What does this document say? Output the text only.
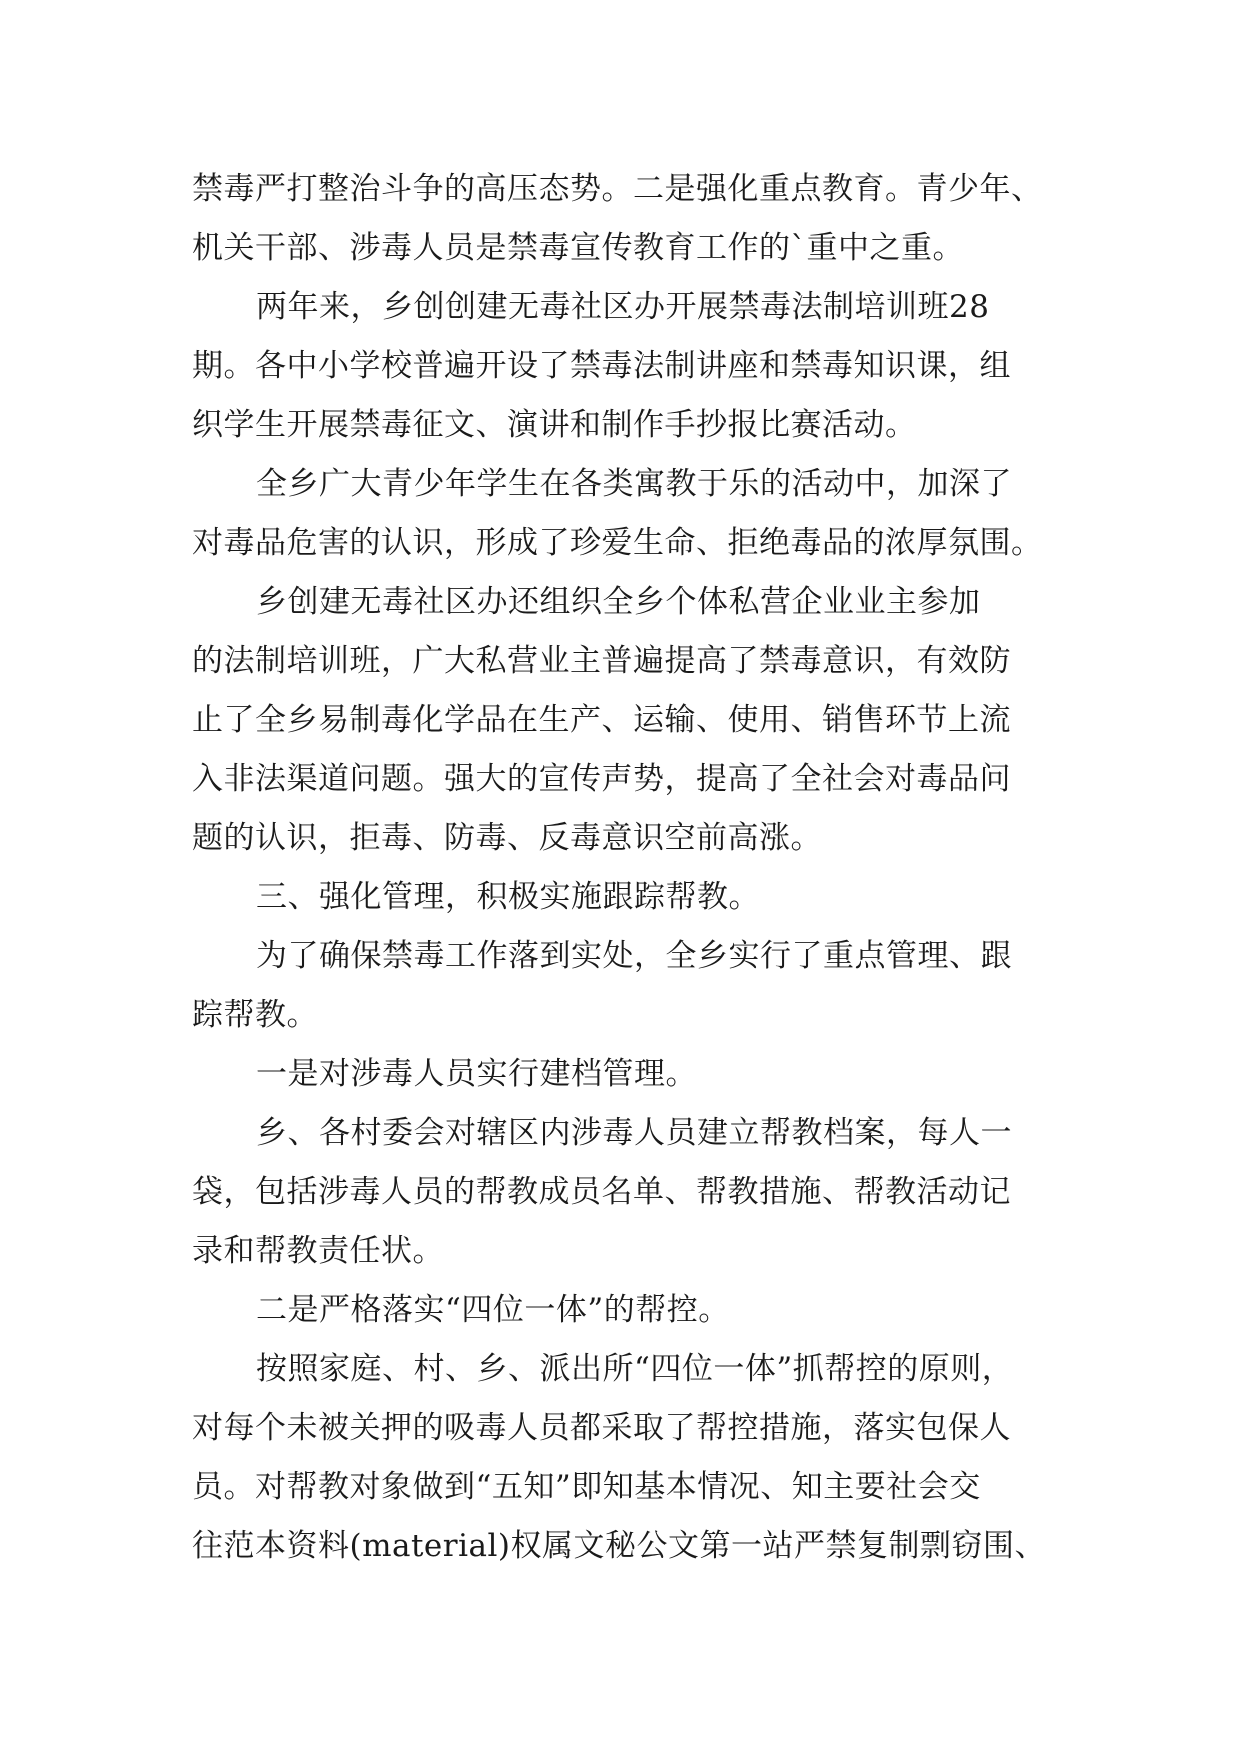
禁毒严打整治斗争的高压态势。二是强化重点教育。青少年、
机关干部、涉毒人员是禁毒宣传教育工作的`重中之重。
两年来，乡创创建无毒社区办开展禁毒法制培训班28
期。各中小学校普遍开设了禁毒法制讲座和禁毒知识课，组
织学生开展禁毒征文、演讲和制作手抄报比赛活动。
全乡广大青少年学生在各类寓教于乐的活动中，加深了
对毒品危害的认识，形成了珍爱生命、拒绝毒品的浓厚氛围。
乡创建无毒社区办还组织全乡个体私营企业业主参加
的法制培训班，广大私营业主普遍提高了禁毒意识，有效防
止了全乡易制毒化学品在生产、运输、使用、销售环节上流
入非法渠道问题。强大的宣传声势，提高了全社会对毒品问
题的认识，拒毒、防毒、反毒意识空前高涨。
三、强化管理，积极实施跟踪帮教。
为了确保禁毒工作落到实处，全乡实行了重点管理、跟
踪帮教。
一是对涉毒人员实行建档管理。
乡、各村委会对辖区内涉毒人员建立帮教档案，每人一
袋，包括涉毒人员的帮教成员名单、帮教措施、帮教活动记
录和帮教责任状。
二是严格落实“四位一体”的帮控。
按照家庭、村、乡、派出所“四位一体”抓帮控的原则，
对每个未被关押的吸毒人员都采取了帮控措施，落实包保人
员。对帮教对象做到“五知”即知基本情况、知主要社会交
往范本资料(material)权属文秘公文第一站严禁复制剽窃围、
